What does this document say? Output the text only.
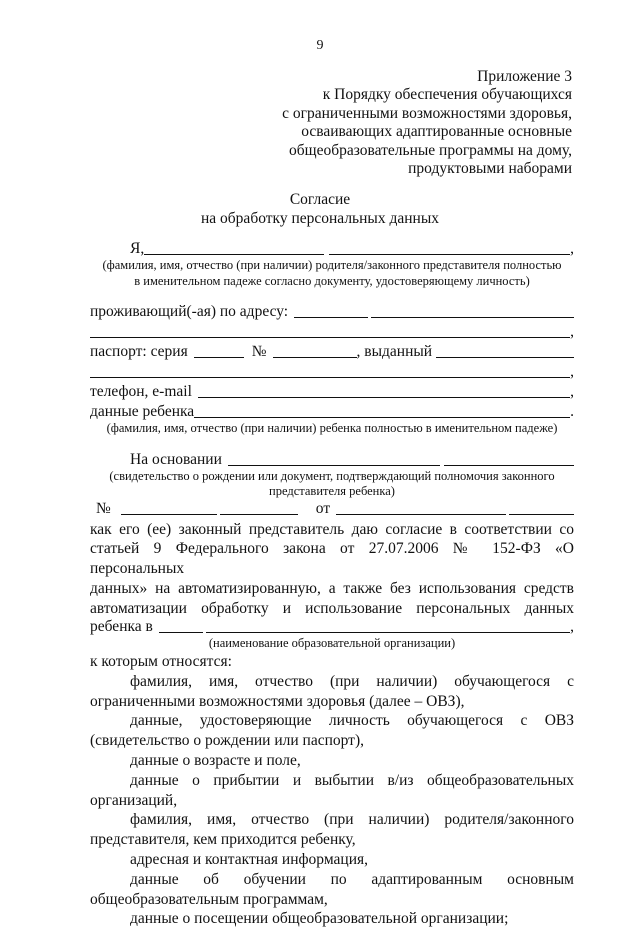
9
Приложение 3
к Порядку обеспечения обучающихся
с ограниченными возможностями здоровья,
осваивающих адаптированные основные
общеобразовательные программы на дому,
продуктовыми наборами
Согласие
на обработку персональных данных
Я,	,
(фамилия, имя, отчество (при наличии) родителя/законного представителя полностью
в именительном падеже согласно документу, удостоверяющему личность)
проживающий(-ая) по адресу:
,
паспорт: серия	№	, выданный
,
телефон, e-mail	,
данные ребенка	.
(фамилия, имя, отчество (при наличии) ребенка полностью в именительном падеже)
На основании
(свидетельство о рождении или документ, подтверждающий полномочия законного
представителя ребенка)
№	от
как его (ее) законный представитель даю согласие в соответствии со
статьей 9 Федерального закона от 27.07.2006 № 152-ФЗ «О персональных
данных» на автоматизированную, а также без использования средств
автоматизации обработку и использование персональных данных
ребенка в	,
(наименование образовательной организации)
к которым относятся:
фамилия, имя, отчество (при наличии) обучающегося с
ограниченными возможностями здоровья (далее – ОВЗ),
данные, удостоверяющие личность обучающегося с ОВЗ
(свидетельство о рождении или паспорт),
данные о возрасте и поле,
данные о прибытии и выбытии в/из общеобразовательных
организаций,
фамилия, имя, отчество (при наличии) родителя/законного
представителя, кем приходится ребенку,
адресная и контактная информация,
данные об обучении по адаптированным основным
общеобразовательным программам,
данные о посещении общеобразовательной организации;
